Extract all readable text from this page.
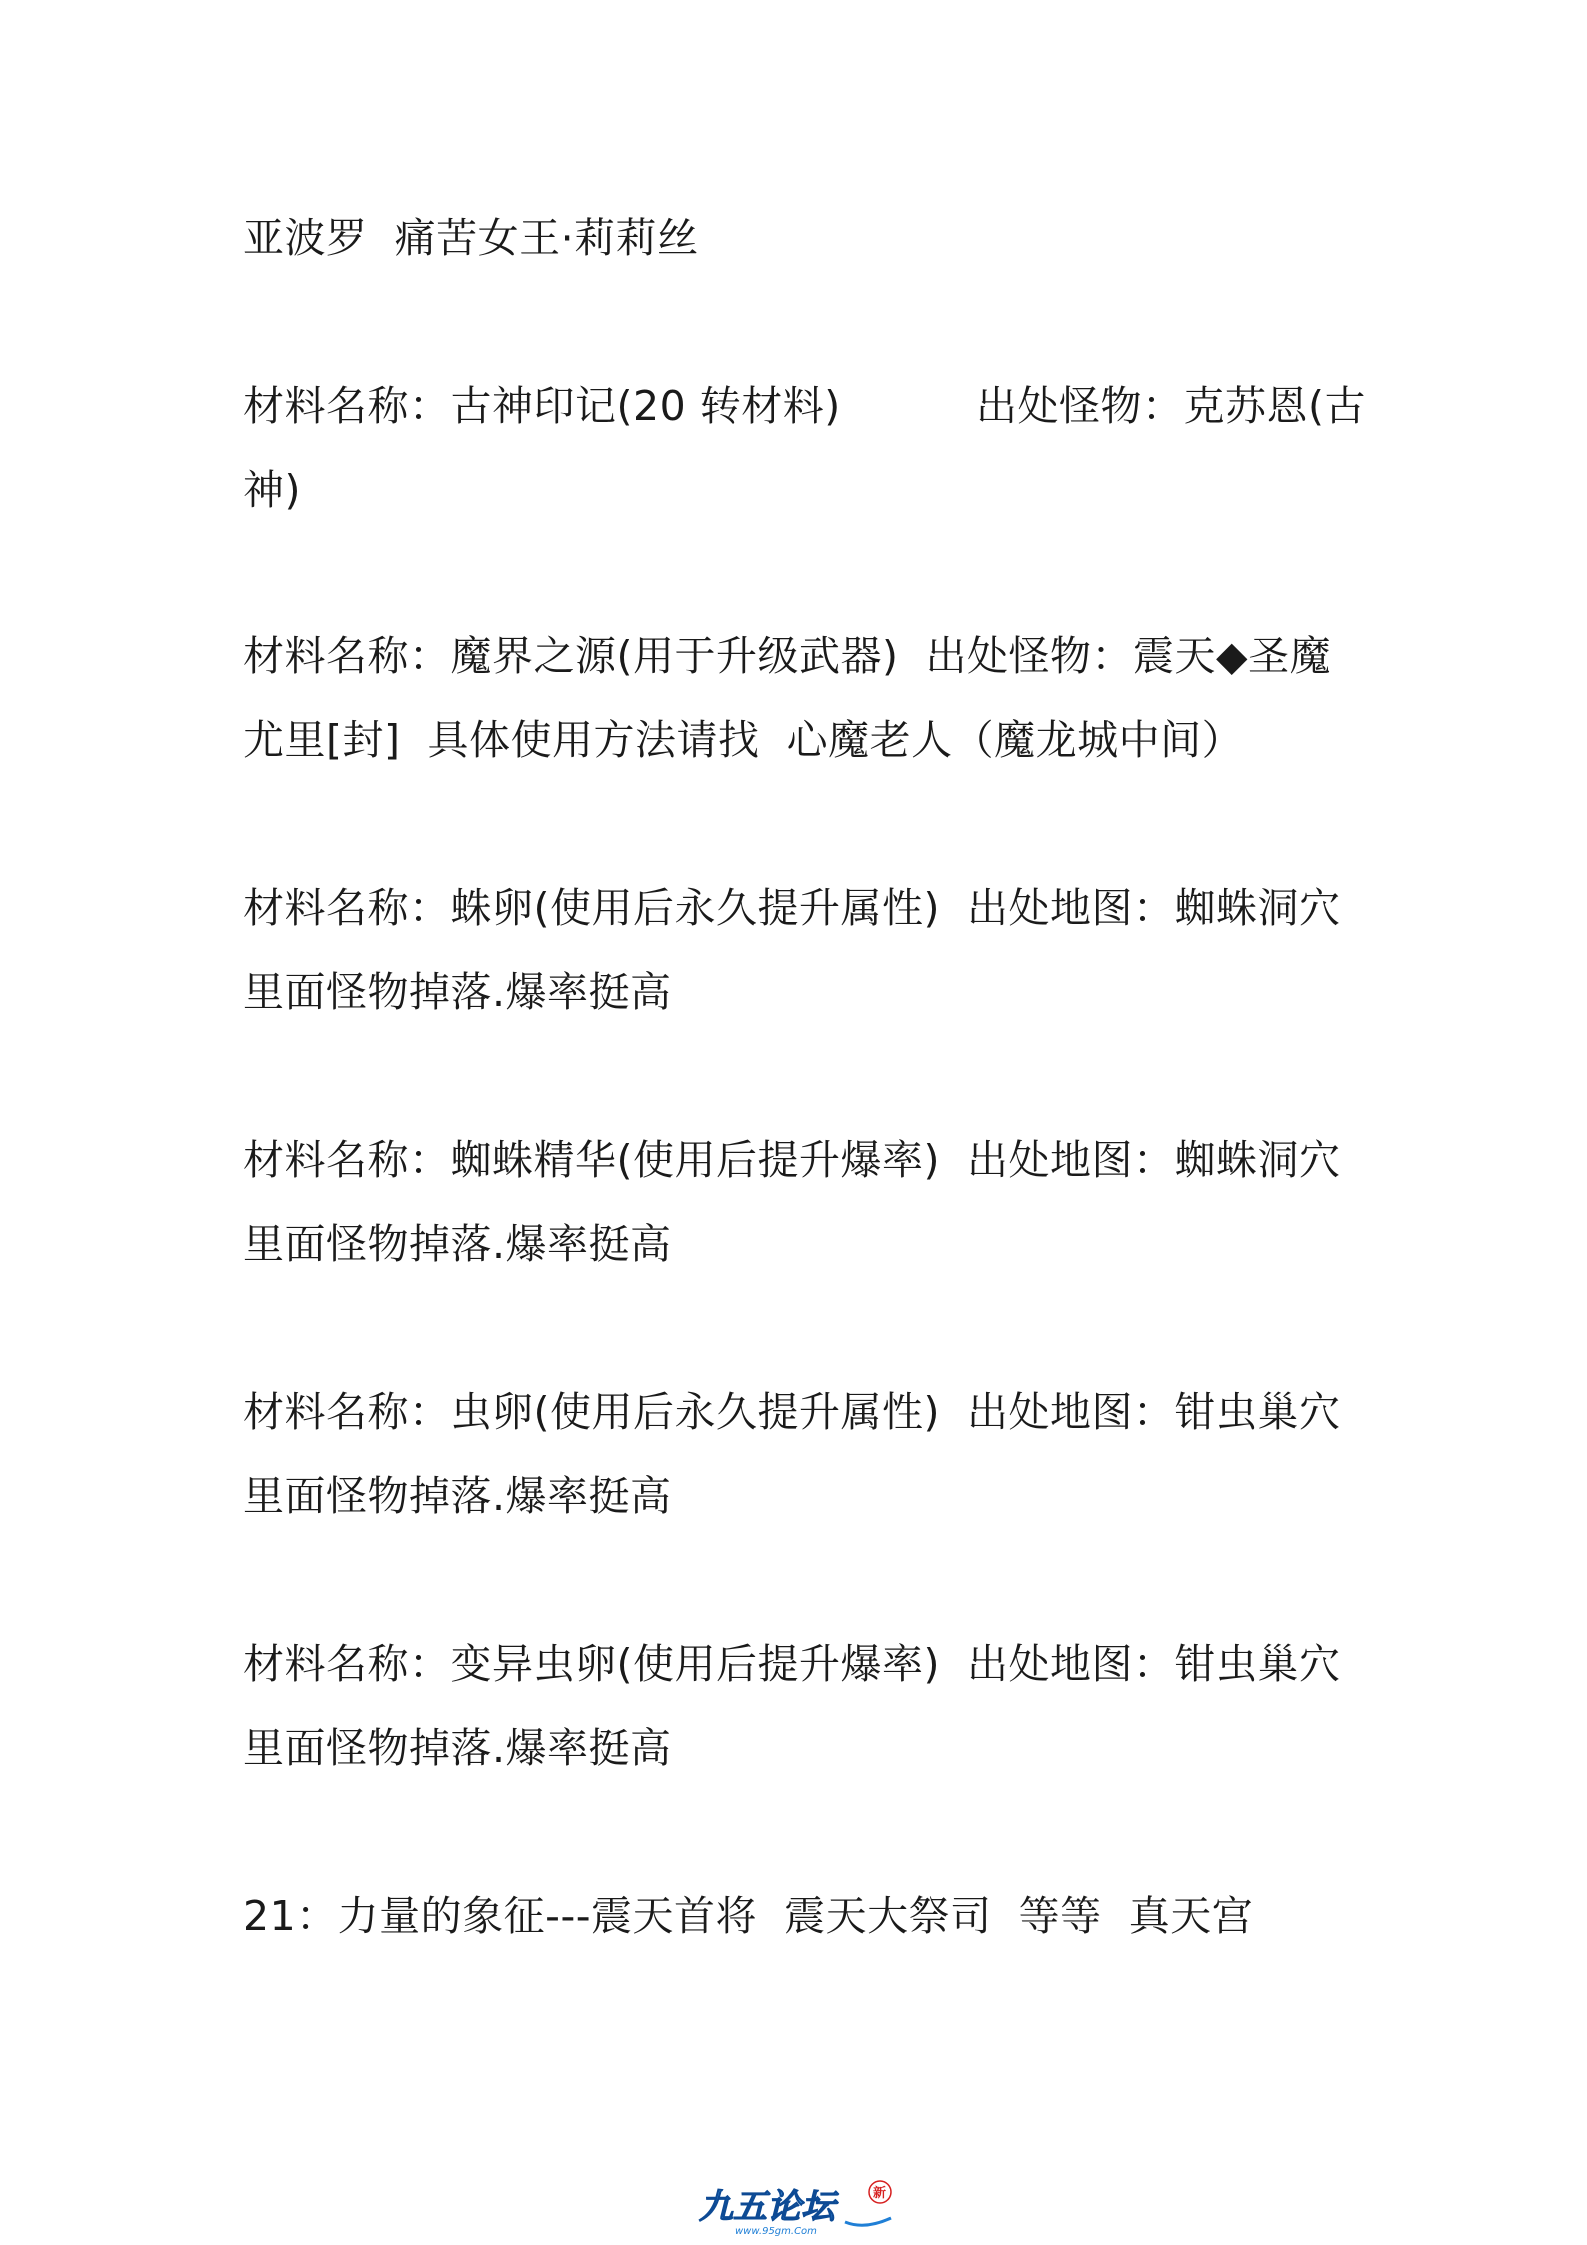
亚波罗  痛苦女王·莉莉丝
材料名称：古神印记(20 转材料)          出处怪物：克苏恩(古
神)
材料名称：魔界之源(用于升级武器)  出处怪物：震天◆圣魔
尤里[封]  具体使用方法请找  心魔老人（魔龙城中间）
材料名称：蛛卵(使用后永久提升属性)  出处地图：蜘蛛洞穴
里面怪物掉落.爆率挺高
材料名称：蜘蛛精华(使用后提升爆率)  出处地图：蜘蛛洞穴
里面怪物掉落.爆率挺高
材料名称：虫卵(使用后永久提升属性)  出处地图：钳虫巢穴
里面怪物掉落.爆率挺高
材料名称：变异虫卵(使用后提升爆率)  出处地图：钳虫巢穴
里面怪物掉落.爆率挺高
21：力量的象征---震天首将  震天大祭司  等等  真天宫
九五论坛
www.95gm.Com
新
